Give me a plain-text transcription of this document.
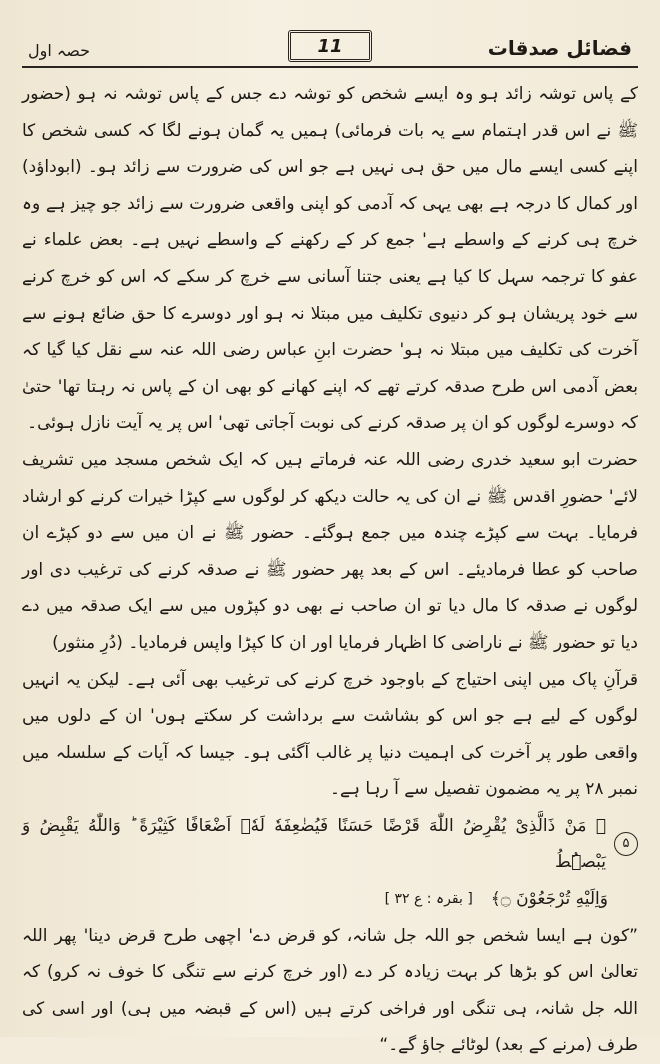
فضائل صدقات
حصہ اول	11

کے پاس توشہ زائد ہو وہ ایسے شخص کو توشہ دے جس کے پاس توشہ نہ ہو (حضور ﷺ نے اس قدر اہتمام سے یہ بات فرمائی) ہمیں یہ گمان ہونے لگا کہ کسی شخص کا اپنے کسی ایسے مال میں حق ہی نہیں ہے جو اس کی ضرورت سے زائد ہو۔ (ابوداؤد) اور کمال کا درجہ ہے بھی یہی کہ آدمی کو اپنی واقعی ضرورت سے زائد جو چیز ہے وہ خرچ ہی کرنے کے واسطے ہے' جمع کر کے رکھنے کے واسطے نہیں ہے۔ بعض علماء نے عفو کا ترجمہ سہل کا کیا ہے یعنی جتنا آسانی سے خرچ کر سکے کہ اس کو خرچ کرنے سے خود پریشان ہو کر دنیوی تکلیف میں مبتلا نہ ہو اور دوسرے کا حق ضائع ہونے سے آخرت کی تکلیف میں مبتلا نہ ہو' حضرت ابنِ عباس رضی اللہ عنہ سے نقل کیا گیا کہ بعض آدمی اس طرح صدقہ کرتے تھے کہ اپنے کھانے کو بھی ان کے پاس نہ رہتا تھا' حتیٰ کہ دوسرے لوگوں کو ان پر صدقہ کرنے کی نوبت آجاتی تھی' اس پر یہ آیت نازل ہوئی۔

حضرت ابو سعید خدری رضی اللہ عنہ فرماتے ہیں کہ ایک شخص مسجد میں تشریف لائے' حضورِ اقدس ﷺ نے ان کی یہ حالت دیکھ کر لوگوں سے کپڑا خیرات کرنے کو ارشاد فرمایا۔ بہت سے کپڑے چندہ میں جمع ہوگئے۔ حضور ﷺ نے ان میں سے دو کپڑے ان صاحب کو عطا فرمادیئے۔ اس کے بعد پھر حضور ﷺ نے صدقہ کرنے کی ترغیب دی اور لوگوں نے صدقہ کا مال دیا تو ان صاحب نے بھی دو کپڑوں میں سے ایک صدقہ میں دے دیا تو حضور ﷺ نے ناراضی کا اظہار فرمایا اور ان کا کپڑا واپس فرمادیا۔ (دُرِ منثور)

قرآنِ پاک میں اپنی احتیاج کے باوجود خرچ کرنے کی ترغیب بھی آئی ہے۔ لیکن یہ انہیں لوگوں کے لیے ہے جو اس کو بشاشت سے برداشت کر سکتے ہوں' ان کے دلوں میں واقعی طور پر آخرت کی اہمیت دنیا پر غالب آگئی ہو۔ جیسا کہ آیات کے سلسلہ میں نمبر ۲۸ پر یہ مضمون تفصیل سے آ رہا ہے۔

۵
﴿ مَنْ ذَالَّذِیْ یُقْرِضُ اللّٰهَ قَرْضًا حَسَنًا فَیُضٰعِفَهٗ لَهٗۤ اَضْعَافًا كَثِیْرَةً ؕ وَاللّٰهُ یَقْبِضُ وَ یَبْصُۜطُ
وَاِلَیْهِ تُرْجَعُوْنَ ۝﴾
[ بقرہ : ع ۳۲ ]

”کون ہے ایسا شخص جو اللہ جل شانہ، کو قرض دے' اچھی طرح قرض دینا' پھر اللہ تعالیٰ اس کو بڑھا کر بہت زیادہ کر دے (اور خرچ کرنے سے تنگی کا خوف نہ کرو) کہ اللہ جل شانہ، ہی تنگی اور فراخی کرتے ہیں (اس کے قبضہ میں ہی) اور اسی کی طرف (مرنے کے بعد) لوٹائے جاؤ گے۔“
